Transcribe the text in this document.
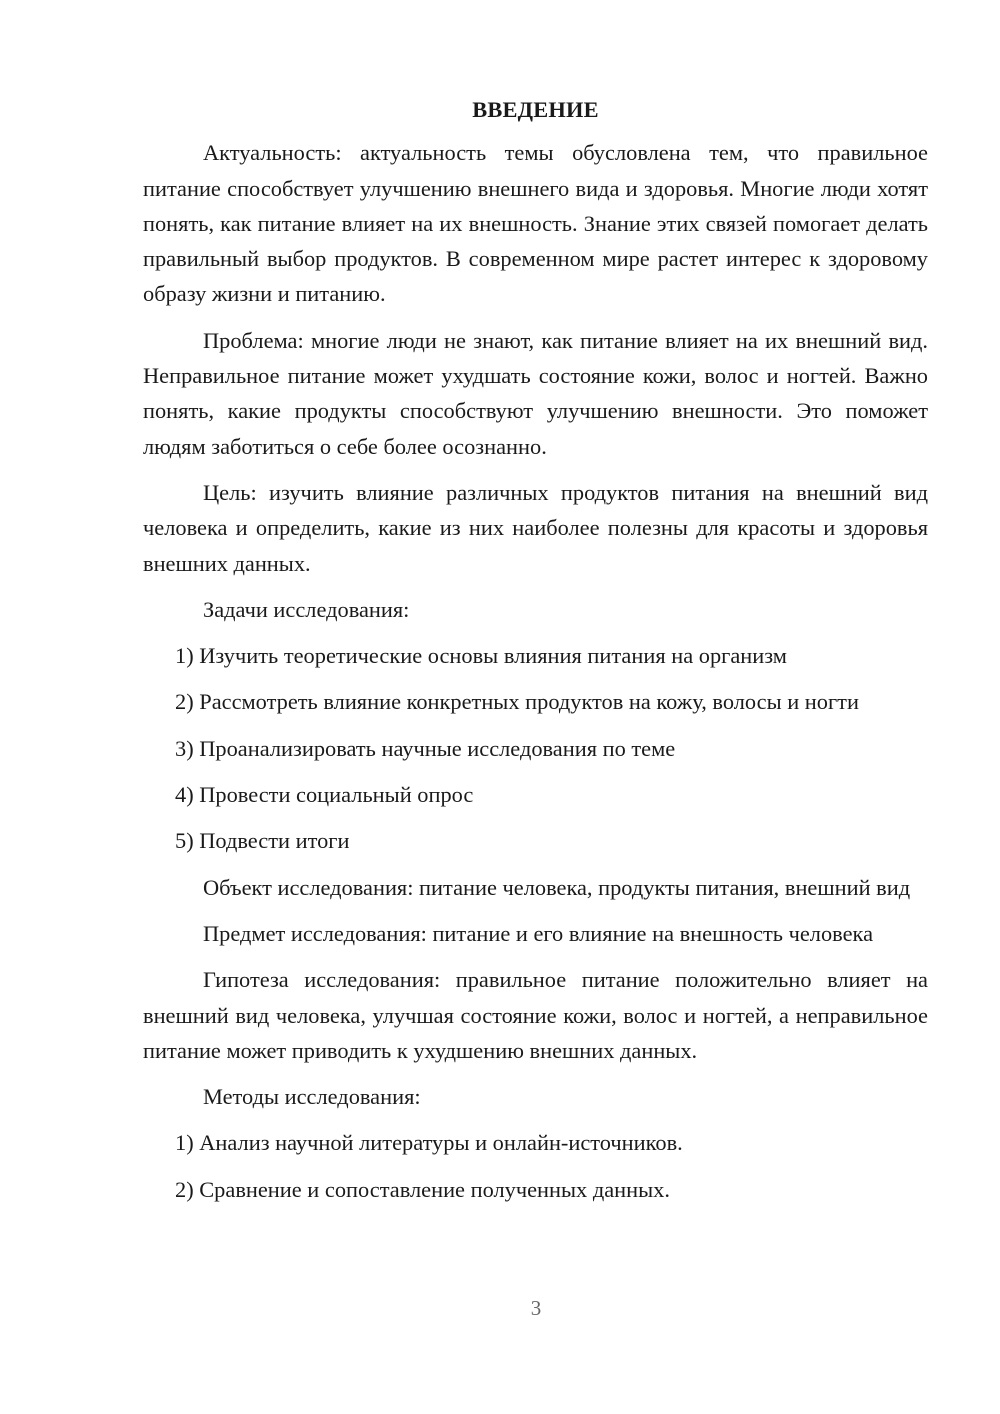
ВВЕДЕНИЕ

Актуальность: актуальность темы обусловлена тем, что правильное питание способствует улучшению внешнего вида и здоровья. Многие люди хотят понять, как питание влияет на их внешность. Знание этих связей помогает делать правильный выбор продуктов. В современном мире растет интерес к здоровому образу жизни и питанию.

Проблема: многие люди не знают, как питание влияет на их внешний вид. Неправильное питание может ухудшать состояние кожи, волос и ногтей. Важно понять, какие продукты способствуют улучшению внешности. Это поможет людям заботиться о себе более осознанно.

Цель: изучить влияние различных продуктов питания на внешний вид человека и определить, какие из них наиболее полезны для красоты и здоровья внешних данных.

Задачи исследования:

1) Изучить теоретические основы влияния питания на организм

2) Рассмотреть влияние конкретных продуктов на кожу, волосы и ногти

3) Проанализировать научные исследования по теме

4) Провести социальный опрос

5) Подвести итоги

Объект исследования: питание человека, продукты питания, внешний вид

Предмет исследования: питание и его влияние на внешность человека

Гипотеза исследования: правильное питание положительно влияет на внешний вид человека, улучшая состояние кожи, волос и ногтей, а неправильное питание может приводить к ухудшению внешних данных.

Методы исследования:

1) Анализ научной литературы и онлайн-источников.

2) Сравнение и сопоставление полученных данных.

3
